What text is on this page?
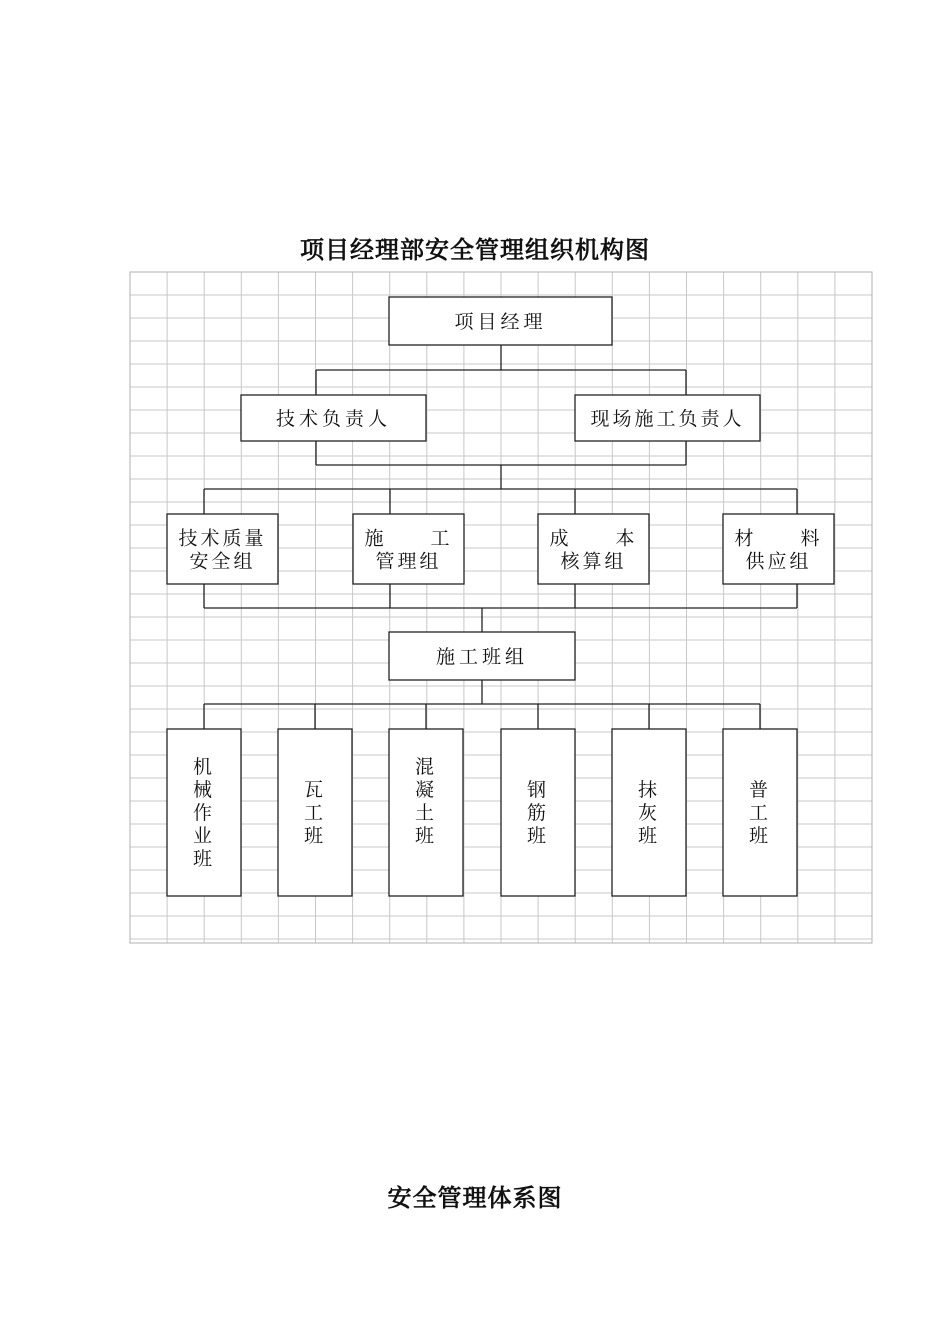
项目经理部安全管理组织机构图
项目经理
技术负责人	现场施工负责人
技术质量
安全组
施　　工
管理组
成　　本
核算组
材　　料
供应组
施工班组
机
械
作
业
班
瓦
工
班
混
凝
土
班
钢
筋
班
抹
灰
班
普
工
班
安全管理体系图
